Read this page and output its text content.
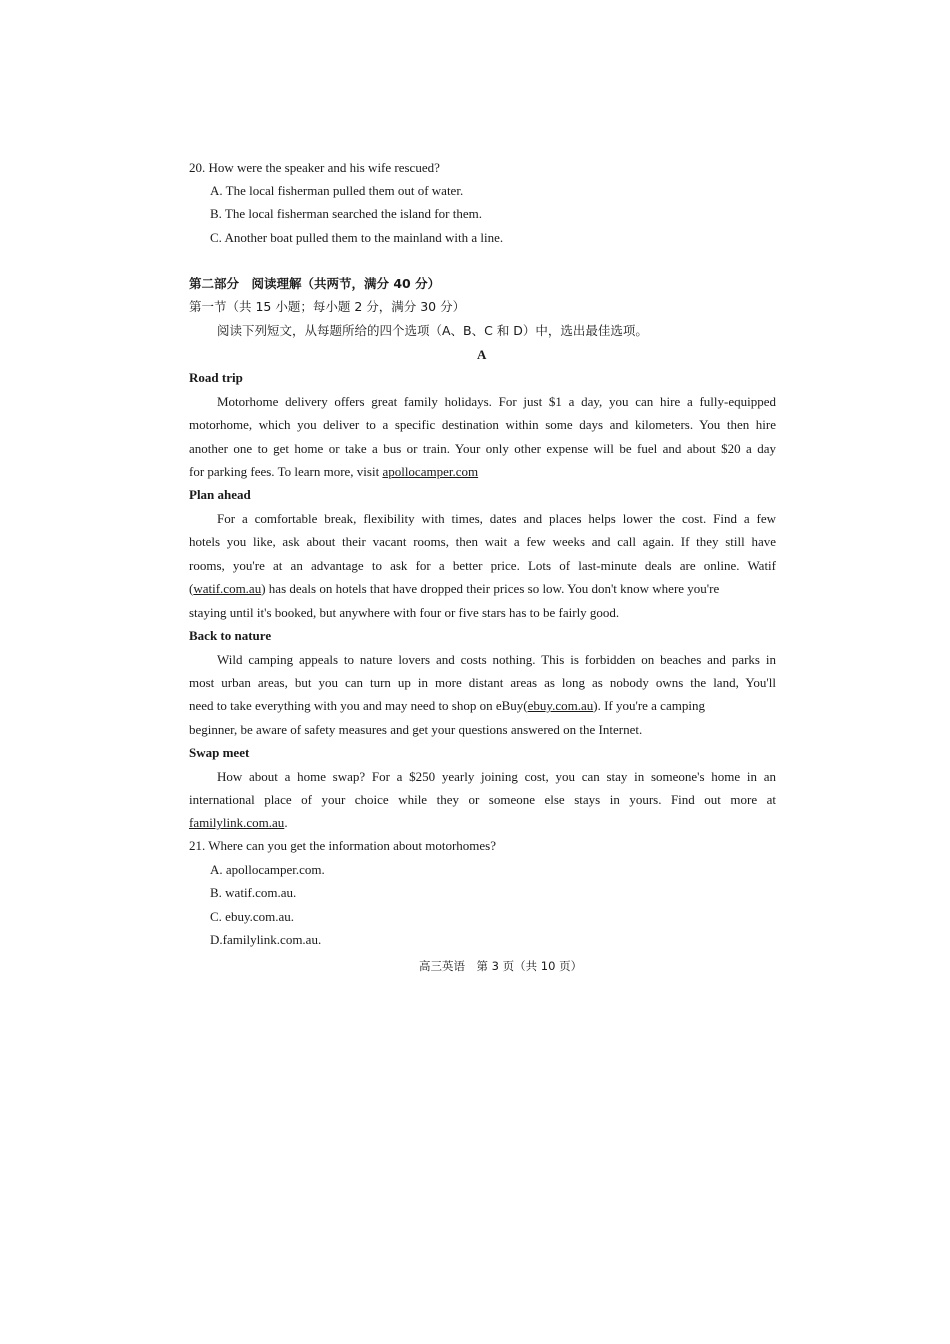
20. How were the speaker and his wife rescued?
A. The local fisherman pulled them out of water.
B. The local fisherman searched the island for them.
C. Another boat pulled them to the mainland with a line.
第二部分　阅读理解（共两节，满分 40 分）
第一节（共 15 小题；每小题 2 分，满分 30 分）
阅读下列短文，从每题所给的四个选项（A、B、C 和 D）中，选出最佳选项。
A
Road trip
Motorhome delivery offers great family holidays. For just $1 a day, you can hire a fully-equipped
motorhome, which you deliver to a specific destination within some days and kilometers. You then hire
another one to get home or take a bus or train. Your only other expense will be fuel and about $20 a day
for parking fees. To learn more, visit apollocamper.com
Plan ahead
For a comfortable break, flexibility with times, dates and places helps lower the cost. Find a few
hotels you like, ask about their vacant rooms, then wait a few weeks and call again. If they still have
rooms, you're at an advantage to ask for a better price. Lots of last-minute deals are online. Watif
(watif.com.au) has deals on hotels that have dropped their prices so low. You don't know where you're
staying until it's booked, but anywhere with four or five stars has to be fairly good.
Back to nature
Wild camping appeals to nature lovers and costs nothing. This is forbidden on beaches and parks in
most urban areas, but you can turn up in more distant areas as long as nobody owns the land, You'll
need to take everything with you and may need to shop on eBuy(ebuy.com.au). If you're a camping
beginner, be aware of safety measures and get your questions answered on the Internet.
Swap meet
How about a home swap? For a $250 yearly joining cost, you can stay in someone's home in an
international place of your choice while they or someone else stays in yours. Find out more at
familylink.com.au.
21. Where can you get the information about motorhomes?
A. apollocamper.com.
B. watif.com.au.
C. ebuy.com.au.
D.familylink.com.au.
高三英语　第 3 页（共 10 页）
